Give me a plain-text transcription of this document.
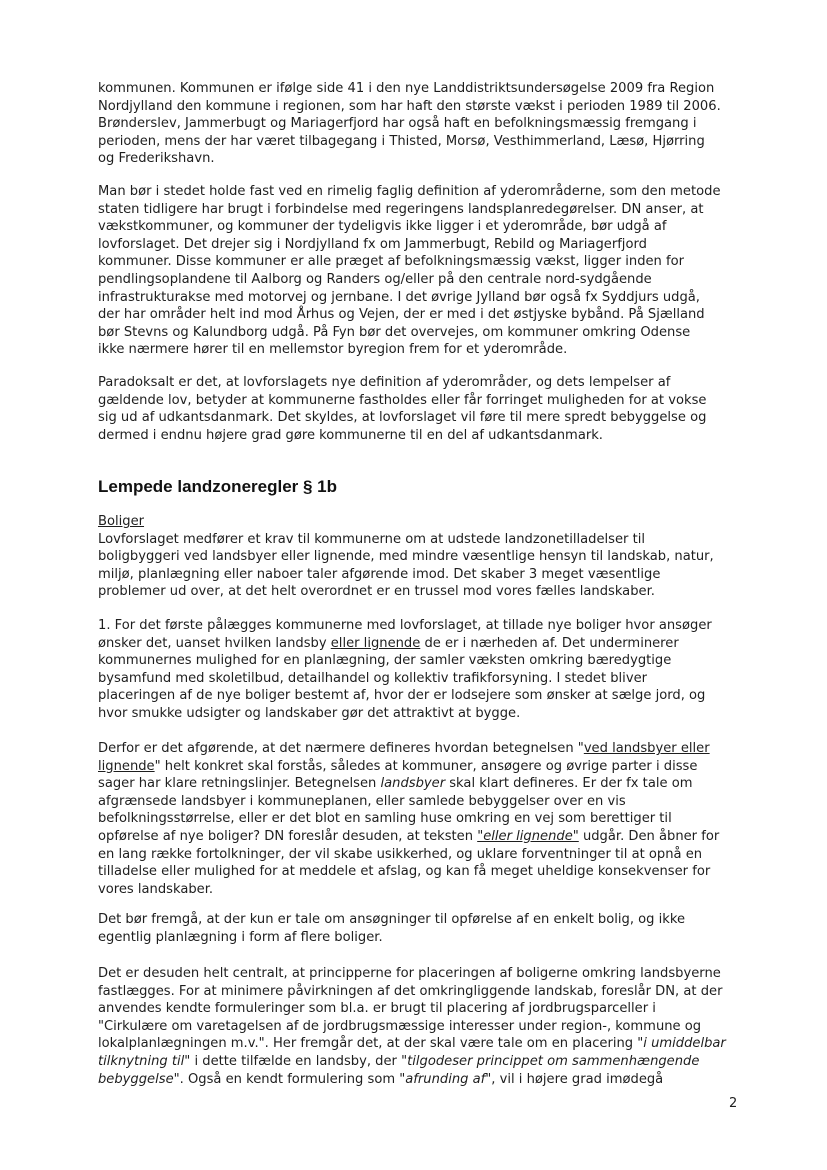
kommunen. Kommunen er ifølge side 41 i den nye Landdistriktsundersøgelse 2009 fra Region
Nordjylland den kommune i regionen, som har haft den største vækst i perioden 1989 til 2006.
Brønderslev, Jammerbugt og Mariagerfjord har også haft en befolkningsmæssig fremgang i
perioden, mens der har været tilbagegang i Thisted, Morsø, Vesthimmerland, Læsø, Hjørring
og Frederikshavn.
Man bør i stedet holde fast ved en rimelig faglig definition af yderområderne, som den metode
staten tidligere har brugt i forbindelse med regeringens landsplanredegørelser. DN anser, at
vækstkommuner, og kommuner der tydeligvis ikke ligger i et yderområde, bør udgå af
lovforslaget. Det drejer sig i Nordjylland fx om Jammerbugt, Rebild og Mariagerfjord
kommuner. Disse kommuner er alle præget af befolkningsmæssig vækst, ligger inden for
pendlingsoplandene til Aalborg og Randers og/eller på den centrale nord-sydgående
infrastrukturakse med motorvej og jernbane. I det øvrige Jylland bør også fx Syddjurs udgå,
der har områder helt ind mod Århus og Vejen, der er med i det østjyske bybånd. På Sjælland
bør Stevns og Kalundborg udgå. På Fyn bør det overvejes, om kommuner omkring Odense
ikke nærmere hører til en mellemstor byregion frem for et yderområde.
Paradoksalt er det, at lovforslagets nye definition af yderområder, og dets lempelser af
gældende lov, betyder at kommunerne fastholdes eller får forringet muligheden for at vokse
sig ud af udkantsdanmark. Det skyldes, at lovforslaget vil føre til mere spredt bebyggelse og
dermed i endnu højere grad gøre kommunerne til en del af udkantsdanmark.
Lempede landzoneregler § 1b
Boliger
Lovforslaget medfører et krav til kommunerne om at udstede landzonetilladelser til
boligbyggeri ved landsbyer eller lignende, med mindre væsentlige hensyn til landskab, natur,
miljø, planlægning eller naboer taler afgørende imod. Det skaber 3 meget væsentlige
problemer ud over, at det helt overordnet er en trussel mod vores fælles landskaber.
1. For det første pålægges kommunerne med lovforslaget, at tillade nye boliger hvor ansøger
ønsker det, uanset hvilken landsby eller lignende de er i nærheden af. Det underminerer
kommunernes mulighed for en planlægning, der samler væksten omkring bæredygtige
bysamfund med skoletilbud, detailhandel og kollektiv trafikforsyning. I stedet bliver
placeringen af de nye boliger bestemt af, hvor der er lodsejere som ønsker at sælge jord, og
hvor smukke udsigter og landskaber gør det attraktivt at bygge.
Derfor er det afgørende, at det nærmere defineres hvordan betegnelsen "ved landsbyer eller
lignende" helt konkret skal forstås, således at kommuner, ansøgere og øvrige parter i disse
sager har klare retningslinjer. Betegnelsen landsbyer skal klart defineres. Er der fx tale om
afgrænsede landsbyer i kommuneplanen, eller samlede bebyggelser over en vis
befolkningsstørrelse, eller er det blot en samling huse omkring en vej som berettiger til
opførelse af nye boliger? DN foreslår desuden, at teksten "eller lignende" udgår. Den åbner for
en lang række fortolkninger, der vil skabe usikkerhed, og uklare forventninger til at opnå en
tilladelse eller mulighed for at meddele et afslag, og kan få meget uheldige konsekvenser for
vores landskaber.
Det bør fremgå, at der kun er tale om ansøgninger til opførelse af en enkelt bolig, og ikke
egentlig planlægning i form af flere boliger.
Det er desuden helt centralt, at principperne for placeringen af boligerne omkring landsbyerne
fastlægges. For at minimere påvirkningen af det omkringliggende landskab, foreslår DN, at der
anvendes kendte formuleringer som bl.a. er brugt til placering af jordbrugsparceller i
"Cirkulære om varetagelsen af de jordbrugsmæssige interesser under region-, kommune og
lokalplanlægningen m.v.". Her fremgår det, at der skal være tale om en placering "i umiddelbar
tilknytning til" i dette tilfælde en landsby, der "tilgodeser princippet om sammenhængende
bebyggelse". Også en kendt formulering som "afrunding af", vil i højere grad imødegå
2
